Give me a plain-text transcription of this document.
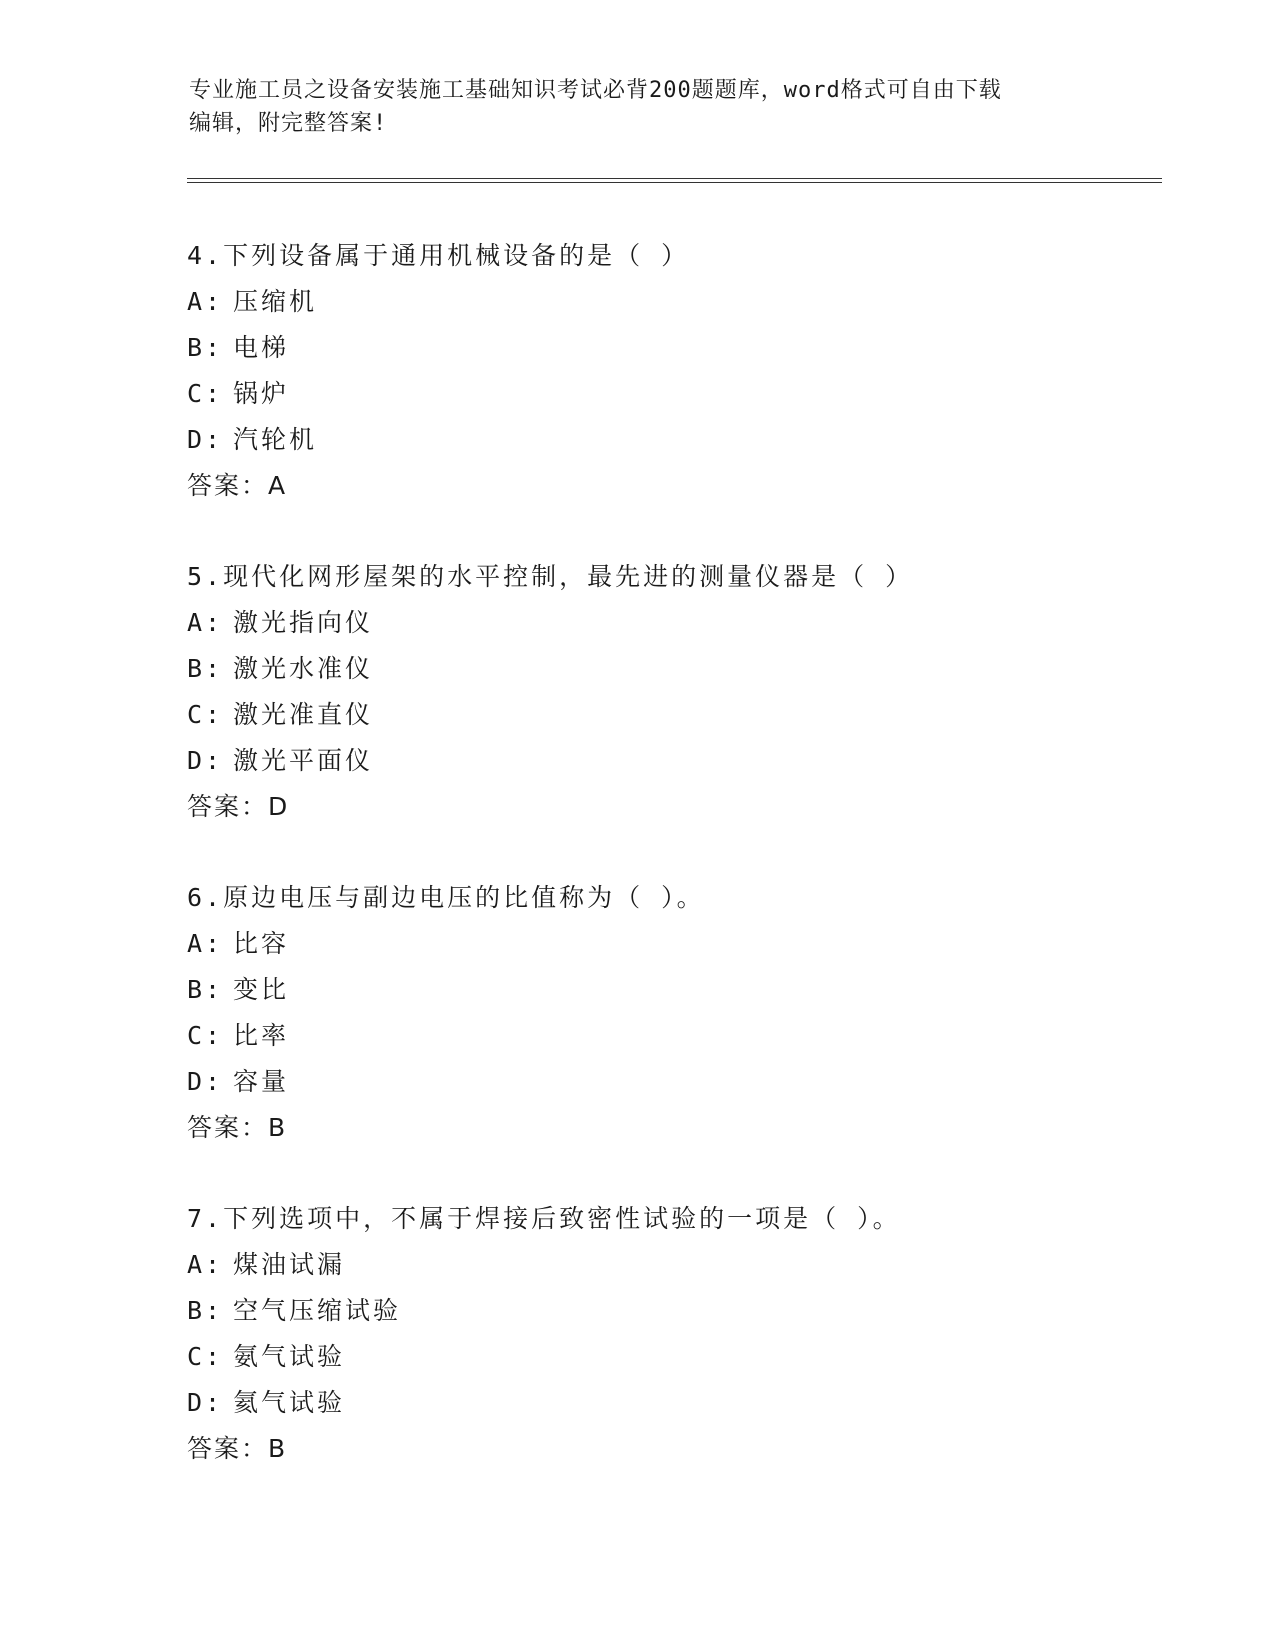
专业施工员之设备安装施工基础知识考试必背200题题库，word格式可自由下载
编辑，附完整答案!
4.下列设备属于通用机械设备的是（ ）
A: 压缩机
B: 电梯
C: 锅炉
D: 汽轮机
答案：A
5.现代化网形屋架的水平控制，最先进的测量仪器是（ ）
A: 激光指向仪
B: 激光水准仪
C: 激光准直仪
D: 激光平面仪
答案：D
6.原边电压与副边电压的比值称为（ ）。
A: 比容
B: 变比
C: 比率
D: 容量
答案：B
7.下列选项中，不属于焊接后致密性试验的一项是（ ）。
A: 煤油试漏
B: 空气压缩试验
C: 氨气试验
D: 氦气试验
答案：B
